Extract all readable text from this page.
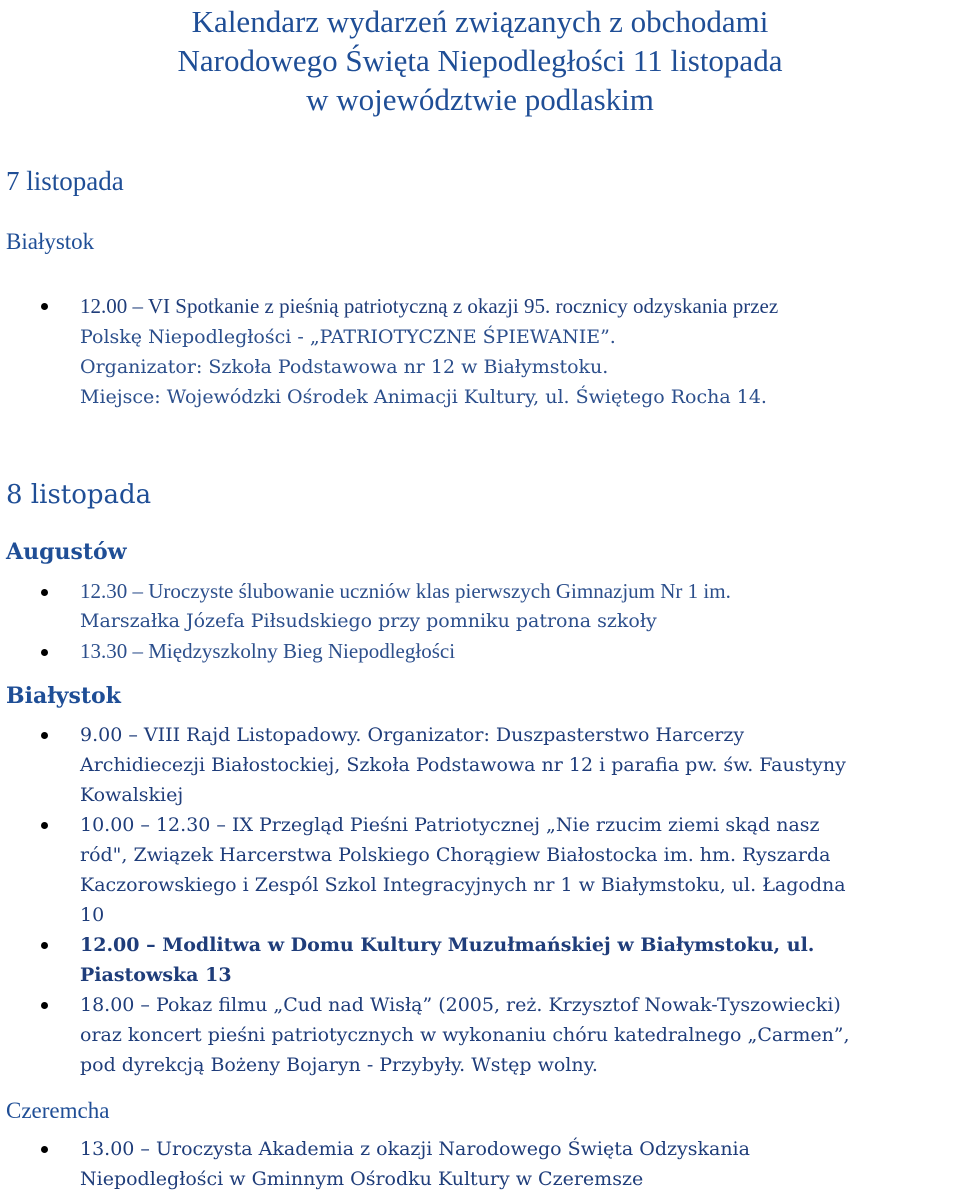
Kalendarz wydarzeń związanych z obchodami
Narodowego Święta Niepodległości 11 listopada
w województwie podlaskim
7 listopada
Białystok
12.00 – VI Spotkanie z pieśnią patriotyczną z okazji 95. rocznicy odzyskania przez
Polskę Niepodległości - „PATRIOTYCZNE ŚPIEWANIE”.
Organizator: Szkoła Podstawowa nr 12 w Białymstoku.
Miejsce: Wojewódzki Ośrodek Animacji Kultury, ul. Świętego Rocha 14.
8 listopada
Augustów
12.30 – Uroczyste ślubowanie uczniów klas pierwszych Gimnazjum Nr 1 im.
Marszałka Józefa Piłsudskiego przy pomniku patrona szkoły
13.30 – Międzyszkolny Bieg Niepodległości
Białystok
9.00 – VIII Rajd Listopadowy. Organizator: Duszpasterstwo Harcerzy
Archidiecezji Białostockiej, Szkoła Podstawowa nr 12 i parafia pw. św. Faustyny
Kowalskiej
10.00 – 12.30 – IX Przegląd Pieśni Patriotycznej „Nie rzucim ziemi skąd nasz
ród", Związek Harcerstwa Polskiego Chorągiew Białostocka im. hm. Ryszarda
Kaczorowskiego i Zespól Szkol Integracyjnych nr 1 w Białymstoku, ul. Łagodna
10
12.00 – Modlitwa w Domu Kultury Muzułmańskiej w Białymstoku, ul.
Piastowska 13
18.00 – Pokaz filmu „Cud nad Wisłą” (2005, reż. Krzysztof Nowak-Tyszowiecki)
oraz koncert pieśni patriotycznych w wykonaniu chóru katedralnego „Carmen”,
pod dyrekcją Bożeny Bojaryn - Przybyły. Wstęp wolny.
Czeremcha
13.00 – Uroczysta Akademia z okazji Narodowego Święta Odzyskania
Niepodległości w Gminnym Ośrodku Kultury w Czeremsze
